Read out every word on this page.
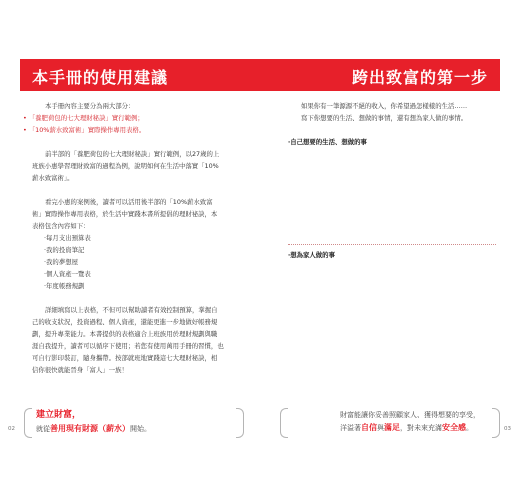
本手冊的使用建議	跨出致富的第一步
本手冊內容主要分為兩大部分：
• 「養肥荷包的七大理財秘訣」實行範例；
• 「10%薪水致富術」實際操作專用表格。
前半部的「養肥荷包的七大理財秘訣」實行範例，以27歲的上
班族小惠學習理財致富的過程為例，說明如何在生活中落實「10%
薪水致富術」。
看完小惠的案例後，讀者可以活用後半部的「10%薪水致富
術」實際操作專用表格，於生活中實踐本書所提倡的理財祕訣，本
表格包含內容如下：
‧每月支出預算表
‧我的投資筆記
‧我的夢想屋
‧個人資產一覽表
‧年度帳務規劃
詳細填寫以上表格，不但可以幫助讀者有效控制預算，掌握自
己的收支狀況，投資過程、個人資產，還能更進一步地做好帳務規
劃，提升專業能力。本書提供的表格適合上班族用於理財規劃與職
涯自我提升，讀者可以循序下使用；若您有使用萬用手冊的習慣，也
可自行影印裝訂，隨身攜帶。按部就班地實踐這七大理財秘訣，相
信你很快就能晉身「富人」一族！
建立財富，
就從善用現有財源（薪水）開始。
02
如果你有一筆源源不絕的收入，你希望過怎樣樣的生活……
寫下你想要的生活、想做的事情，還有想為家人做的事情。
‧自己想要的生活、想做的事
‧想為家人做的事
財富能讓你妥善照顧家人、獲得想要的享受，
洋溢著自信與滿足，對未來充滿安全感。	03
